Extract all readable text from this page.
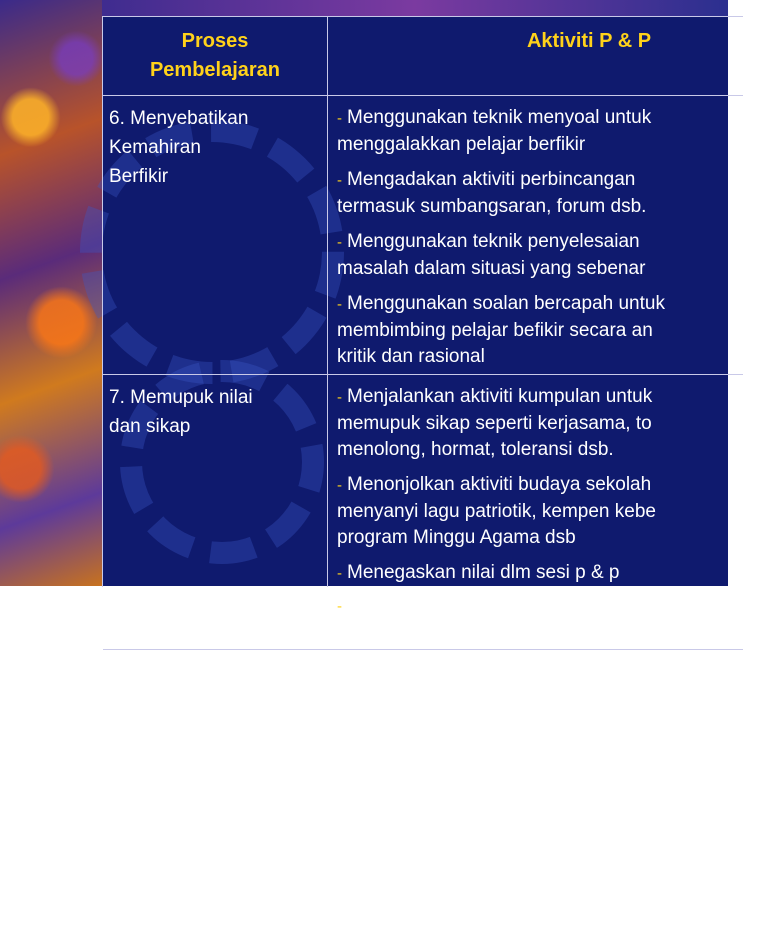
Proses
Pembelajaran
Aktiviti P & P
6. Menyebatikan
Kemahiran
Berfikir
- Menggunakan teknik menyoal untuk
menggalakkan pelajar berfikir
- Mengadakan aktiviti perbincangan
termasuk sumbangsaran, forum dsb.
- Menggunakan teknik penyelesaian
masalah dalam situasi yang sebenar
- Menggunakan soalan bercapah untuk
membimbing pelajar befikir secara an
kritik dan rasional
7. Memupuk nilai
dan sikap
- Menjalankan aktiviti kumpulan untuk
memupuk sikap seperti kerjasama, to
menolong, hormat, toleransi dsb.
- Menonjolkan aktiviti budaya sekolah
menyanyi lagu patriotik, kempen kebe
program Minggu Agama dsb
- Menegaskan nilai dlm sesi p & p
- Galakkan pelajar sertai ko kurikulum
